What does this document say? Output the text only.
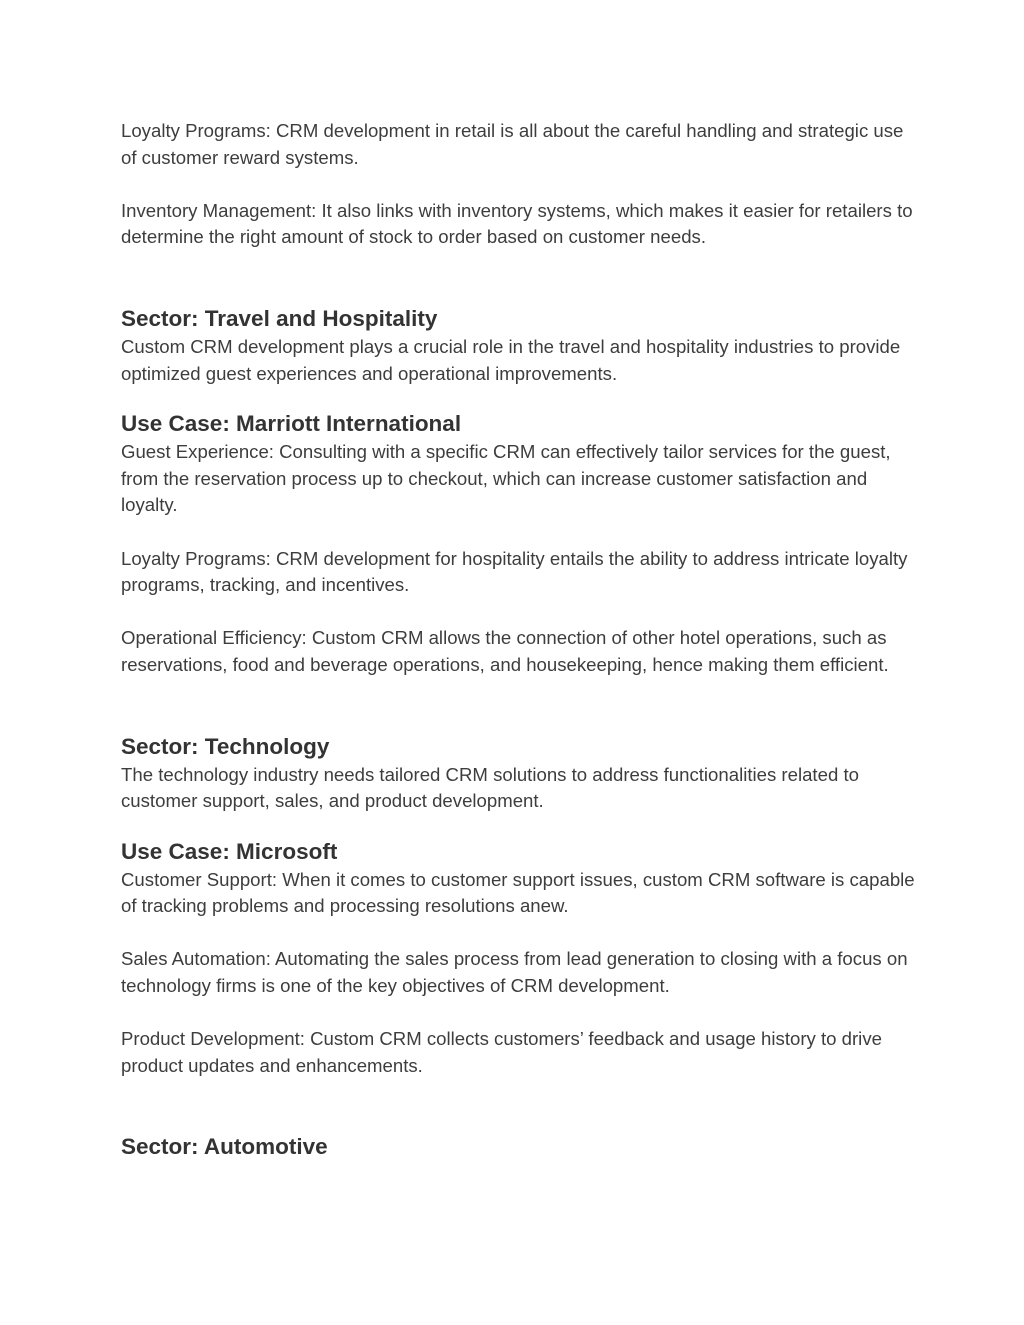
Loyalty Programs: CRM development in retail is all about the careful handling and strategic use of customer reward systems.

Inventory Management: It also links with inventory systems, which makes it easier for retailers to determine the right amount of stock to order based on customer needs.

Sector: Travel and Hospitality

Custom CRM development plays a crucial role in the travel and hospitality industries to provide optimized guest experiences and operational improvements.

Use Case: Marriott International

Guest Experience: Consulting with a specific CRM can effectively tailor services for the guest, from the reservation process up to checkout, which can increase customer satisfaction and loyalty.

Loyalty Programs: CRM development for hospitality entails the ability to address intricate loyalty programs, tracking, and incentives.

Operational Efficiency: Custom CRM allows the connection of other hotel operations, such as reservations, food and beverage operations, and housekeeping, hence making them efficient.

Sector: Technology

The technology industry needs tailored CRM solutions to address functionalities related to customer support, sales, and product development.

Use Case: Microsoft

Customer Support: When it comes to customer support issues, custom CRM software is capable of tracking problems and processing resolutions anew.

Sales Automation: Automating the sales process from lead generation to closing with a focus on technology firms is one of the key objectives of CRM development.

Product Development: Custom CRM collects customers’ feedback and usage history to drive product updates and enhancements.

Sector: Automotive
